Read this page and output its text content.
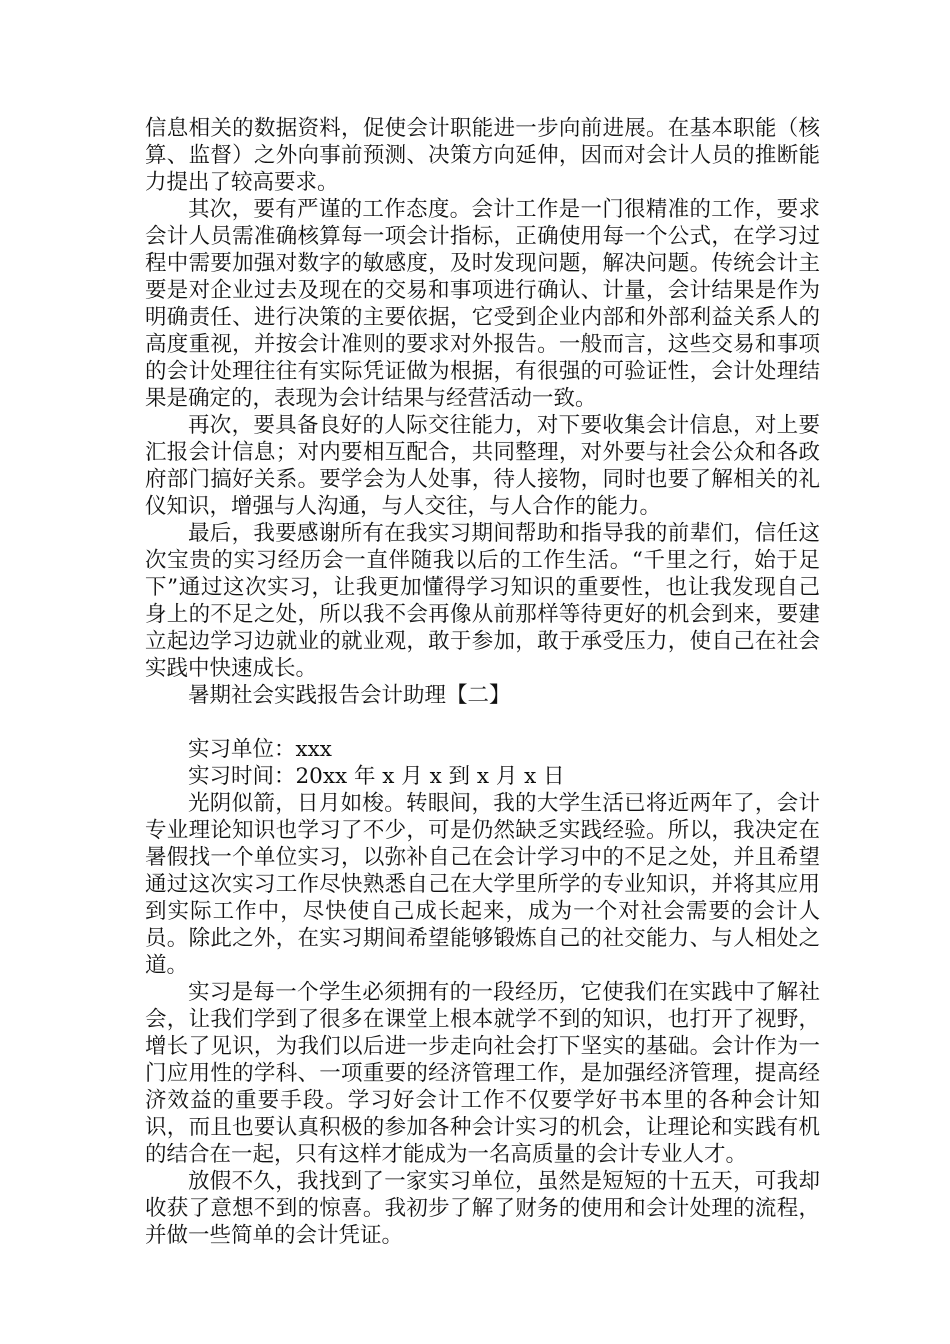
信息相关的数据资料，促使会计职能进一步向前进展。在基本职能（核算、监督）之外向事前预测、决策方向延伸，因而对会计人员的推断能力提出了较高要求。

其次，要有严谨的工作态度。会计工作是一门很精准的工作，要求会计人员需准确核算每一项会计指标，正确使用每一个公式，在学习过程中需要加强对数字的敏感度，及时发现问题，解决问题。传统会计主要是对企业过去及现在的交易和事项进行确认、计量，会计结果是作为明确责任、进行决策的主要依据，它受到企业内部和外部利益关系人的高度重视，并按会计准则的要求对外报告。一般而言，这些交易和事项的会计处理往往有实际凭证做为根据，有很强的可验证性，会计处理结果是确定的，表现为会计结果与经营活动一致。

再次，要具备良好的人际交往能力，对下要收集会计信息，对上要汇报会计信息；对内要相互配合，共同整理，对外要与社会公众和各政府部门搞好关系。要学会为人处事，待人接物，同时也要了解相关的礼仪知识，增强与人沟通，与人交往，与人合作的能力。

最后，我要感谢所有在我实习期间帮助和指导我的前辈们，信任这次宝贵的实习经历会一直伴随我以后的工作生活。“千里之行，始于足下”通过这次实习，让我更加懂得学习知识的重要性，也让我发现自己身上的不足之处，所以我不会再像从前那样等待更好的机会到来，要建立起边学习边就业的就业观，敢于参加，敢于承受压力，使自己在社会实践中快速成长。

暑期社会实践报告会计助理【二】

实习单位：xxx

实习时间：20xx 年 x 月 x 到 x 月 x 日

光阴似箭，日月如梭。转眼间，我的大学生活已将近两年了，会计专业理论知识也学习了不少，可是仍然缺乏实践经验。所以，我决定在暑假找一个单位实习，以弥补自己在会计学习中的不足之处，并且希望通过这次实习工作尽快熟悉自己在大学里所学的专业知识，并将其应用到实际工作中，尽快使自己成长起来，成为一个对社会需要的会计人员。除此之外，在实习期间希望能够锻炼自己的社交能力、与人相处之道。

实习是每一个学生必须拥有的一段经历，它使我们在实践中了解社会，让我们学到了很多在课堂上根本就学不到的知识，也打开了视野，增长了见识，为我们以后进一步走向社会打下坚实的基础。会计作为一门应用性的学科、一项重要的经济管理工作，是加强经济管理，提高经济效益的重要手段。学习好会计工作不仅要学好书本里的各种会计知识，而且也要认真积极的参加各种会计实习的机会，让理论和实践有机的结合在一起，只有这样才能成为一名高质量的会计专业人才。

放假不久，我找到了一家实习单位，虽然是短短的十五天，可我却收获了意想不到的惊喜。我初步了解了财务的使用和会计处理的流程，并做一些简单的会计凭证。
